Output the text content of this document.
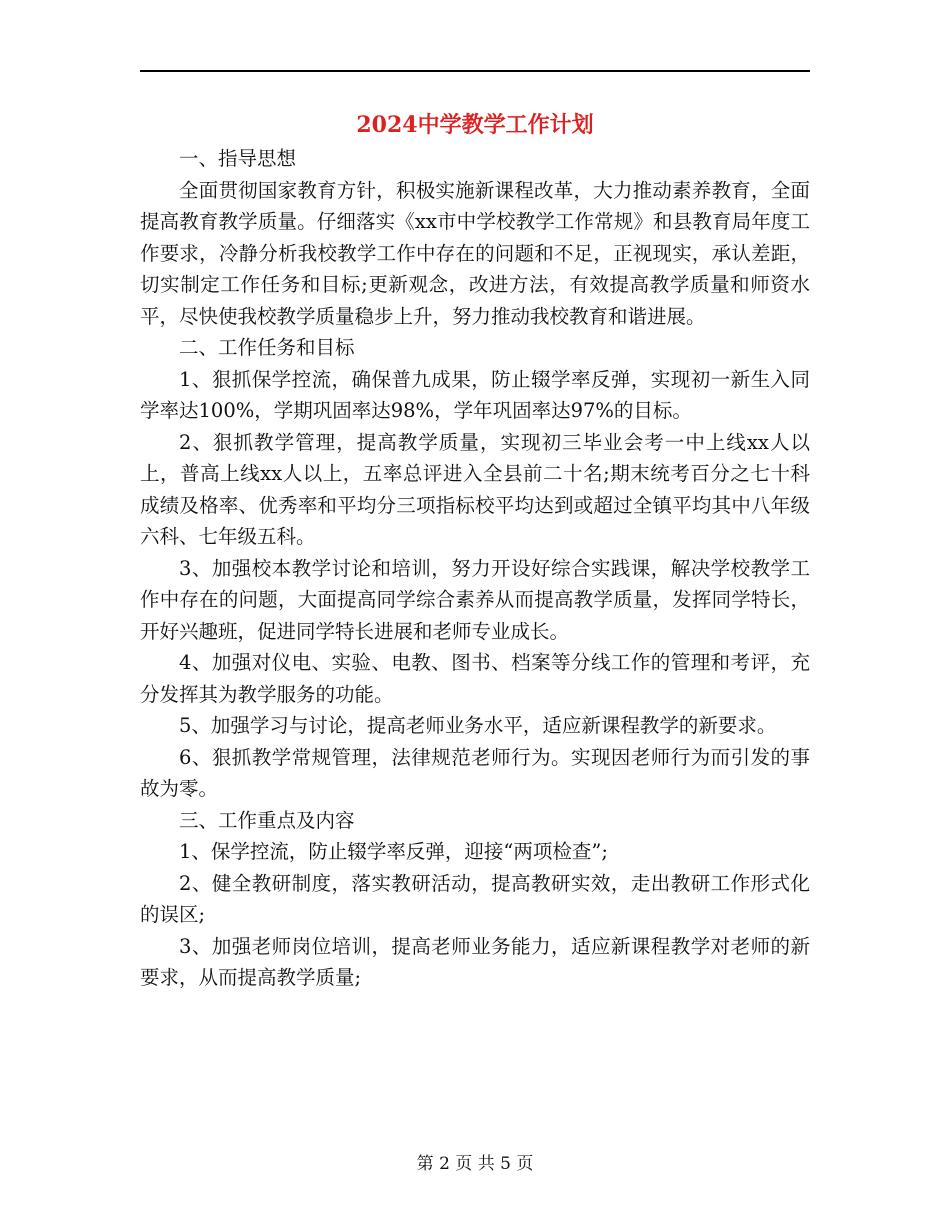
2024中学教学工作计划

一、指导思想

全面贯彻国家教育方针，积极实施新课程改革，大力推动素养教育，全面提高教育教学质量。仔细落实《xx市中学校教学工作常规》和县教育局年度工作要求，冷静分析我校教学工作中存在的问题和不足，正视现实，承认差距，切实制定工作任务和目标;更新观念，改进方法，有效提高教学质量和师资水平，尽快使我校教学质量稳步上升，努力推动我校教育和谐进展。

二、工作任务和目标

1、狠抓保学控流，确保普九成果，防止辍学率反弹，实现初一新生入同学率达100%，学期巩固率达98%，学年巩固率达97%的目标。

2、狠抓教学管理，提高教学质量，实现初三毕业会考一中上线xx人以上，普高上线xx人以上，五率总评进入全县前二十名;期末统考百分之七十科成绩及格率、优秀率和平均分三项指标校平均达到或超过全镇平均其中八年级六科、七年级五科。

3、加强校本教学讨论和培训，努力开设好综合实践课，解决学校教学工作中存在的问题，大面提高同学综合素养从而提高教学质量，发挥同学特长，开好兴趣班，促进同学特长进展和老师专业成长。

4、加强对仪电、实验、电教、图书、档案等分线工作的管理和考评，充分发挥其为教学服务的功能。

5、加强学习与讨论，提高老师业务水平，适应新课程教学的新要求。

6、狠抓教学常规管理，法律规范老师行为。实现因老师行为而引发的事故为零。

三、工作重点及内容

1、保学控流，防止辍学率反弹，迎接“两项检查”;

2、健全教研制度，落实教研活动，提高教研实效，走出教研工作形式化的误区;

3、加强老师岗位培训，提高老师业务能力，适应新课程教学对老师的新要求，从而提高教学质量;

第 2 页 共 5 页
